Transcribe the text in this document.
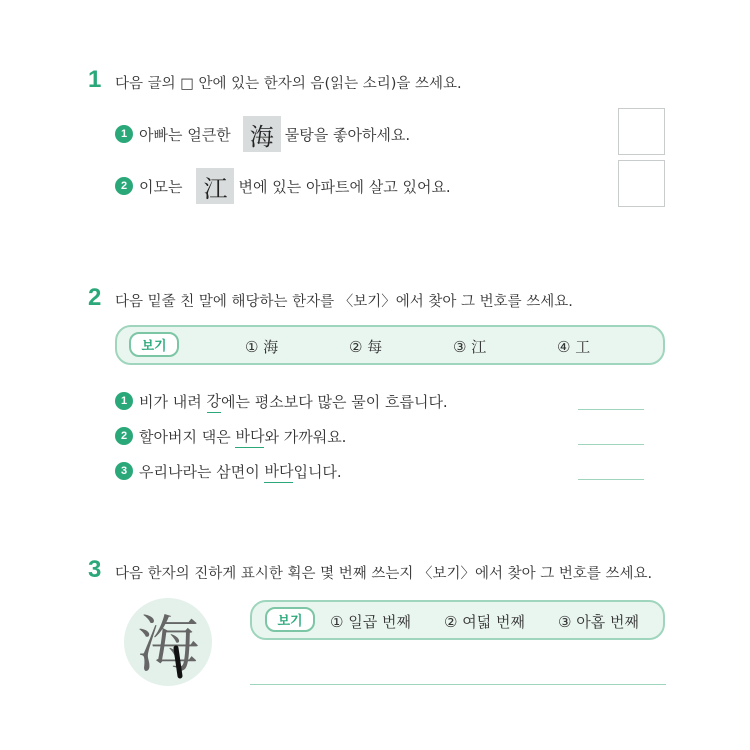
1 다음 글의 □ 안에 있는 한자의 음(읽는 소리)을 쓰세요.
1 아빠는 얼큰한 海 물탕을 좋아하세요.
2 이모는 江 변에 있는 아파트에 살고 있어요.
2 다음 밑줄 친 말에 해당하는 한자를 〈보기〉에서 찾아 그 번호를 쓰세요.
보기	① 海	② 每	③ 江	④ 工
1 비가 내려 강 에는 평소보다 많은 물이 흐릅니다.
2 할아버지 댁은 바다 와 가까워요.
3 우리나라는 삼면이 바다 입니다.
3 다음 한자의 진하게 표시한 획은 몇 번째 쓰는지 〈보기〉에서 찾아 그 번호를 쓰세요.
海	보기	① 일곱 번째 ② 여덟 번째 ③ 아홉 번째
